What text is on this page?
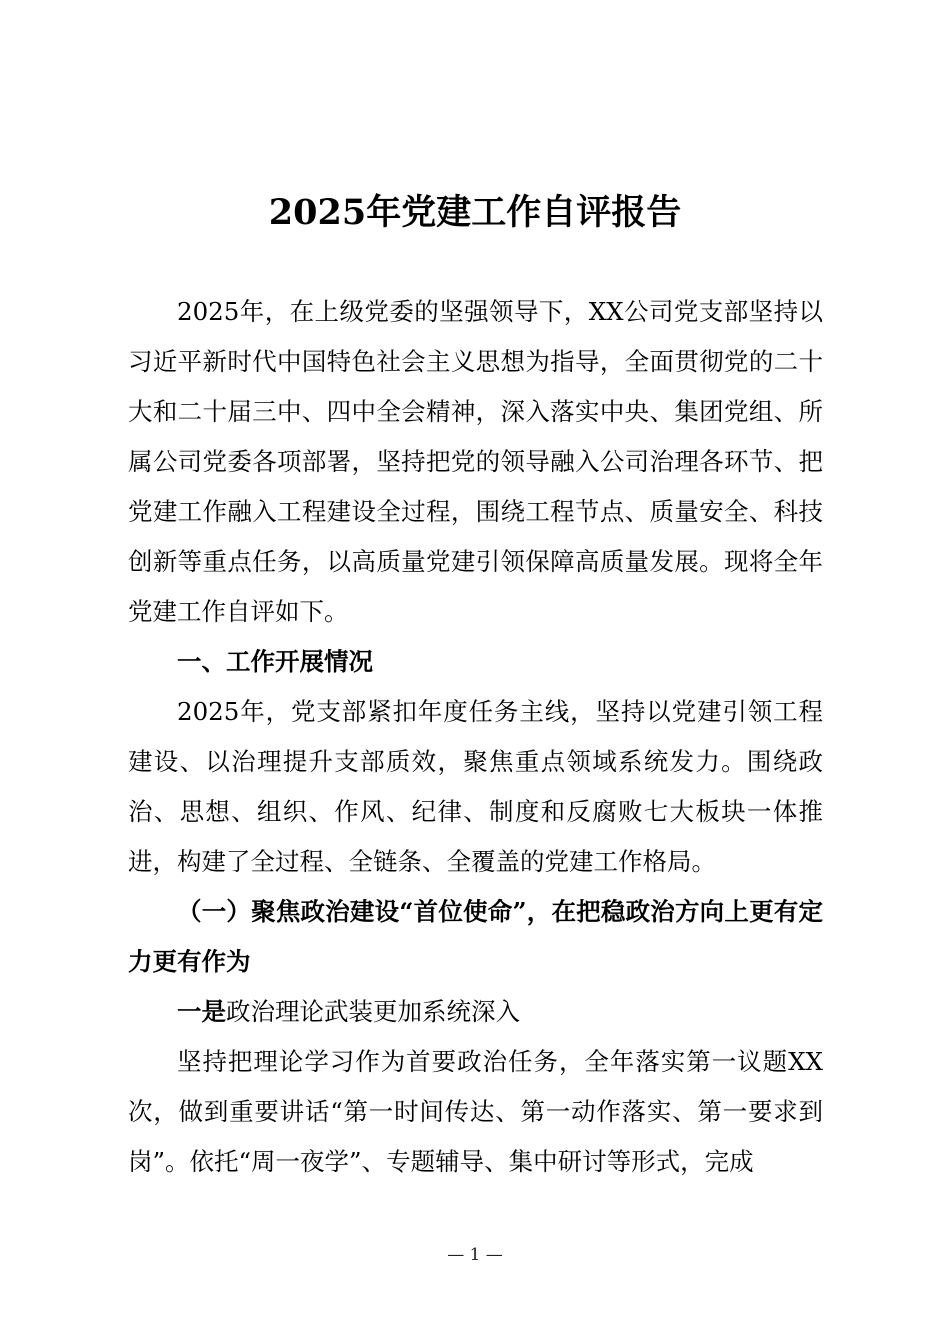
2025年党建工作自评报告

2025年，在上级党委的坚强领导下，XX公司党支部坚持以习近平新时代中国特色社会主义思想为指导，全面贯彻党的二十大和二十届三中、四中全会精神，深入落实中央、集团党组、所属公司党委各项部署，坚持把党的领导融入公司治理各环节、把党建工作融入工程建设全过程，围绕工程节点、质量安全、科技创新等重点任务，以高质量党建引领保障高质量发展。现将全年党建工作自评如下。

一、工作开展情况

2025年，党支部紧扣年度任务主线，坚持以党建引领工程建设、以治理提升支部质效，聚焦重点领域系统发力。围绕政治、思想、组织、作风、纪律、制度和反腐败七大板块一体推进，构建了全过程、全链条、全覆盖的党建工作格局。

（一）聚焦政治建设“首位使命”，在把稳政治方向上更有定力更有作为

一是政治理论武装更加系统深入

坚持把理论学习作为首要政治任务，全年落实第一议题XX次，做到重要讲话“第一时间传达、第一动作落实、第一要求到岗”。依托“周一夜学”、专题辅导、集中研讨等形式，完成

— 1 —
